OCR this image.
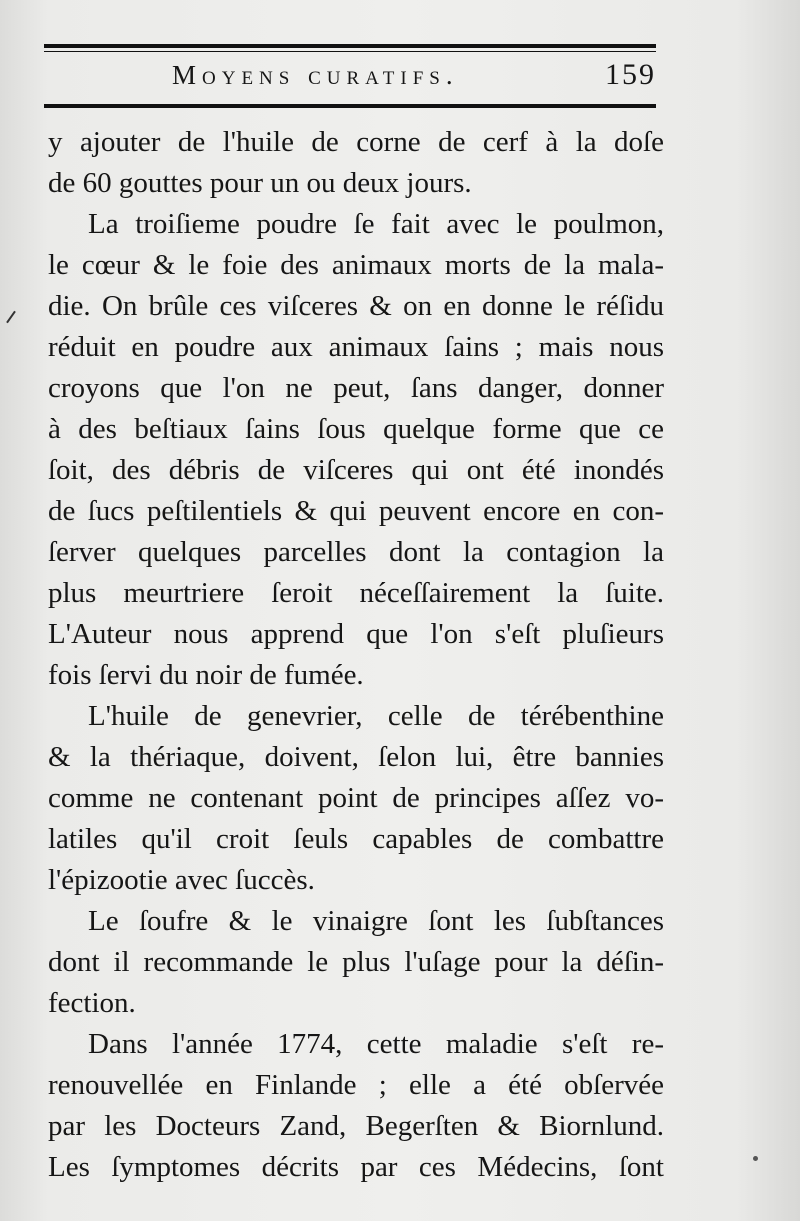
Moyens curatifs.	159
y ajouter de l'huile de corne de cerf à la doſe
de 60 gouttes pour un ou deux jours.
La troiſieme poudre ſe fait avec le poulmon,
le cœur & le foie des animaux morts de la mala-
die. On brûle ces viſceres & on en donne le réſidu
réduit en poudre aux animaux ſains ; mais nous
croyons que l'on ne peut, ſans danger, donner
à des beſtiaux ſains ſous quelque forme que ce
ſoit, des débris de viſceres qui ont été inondés
de ſucs peſtilentiels & qui peuvent encore en con-
ſerver quelques parcelles dont la contagion la
plus meurtriere ſeroit néceſſairement la ſuite.
L'Auteur nous apprend que l'on s'eſt pluſieurs
fois ſervi du noir de fumée.
L'huile de genevrier, celle de térébenthine
& la thériaque, doivent, ſelon lui, être bannies
comme ne contenant point de principes aſſez vo-
latiles qu'il croit ſeuls capables de combattre
l'épizootie avec ſuccès.
Le ſoufre & le vinaigre ſont les ſubſtances
dont il recommande le plus l'uſage pour la déſin-
fection.
Dans l'année 1774, cette maladie s'eſt re-
renouvellée en Finlande ; elle a été obſervée
par les Docteurs Zand, Begerſten & Biornlund.
Les ſymptomes décrits par ces Médecins, ſont
